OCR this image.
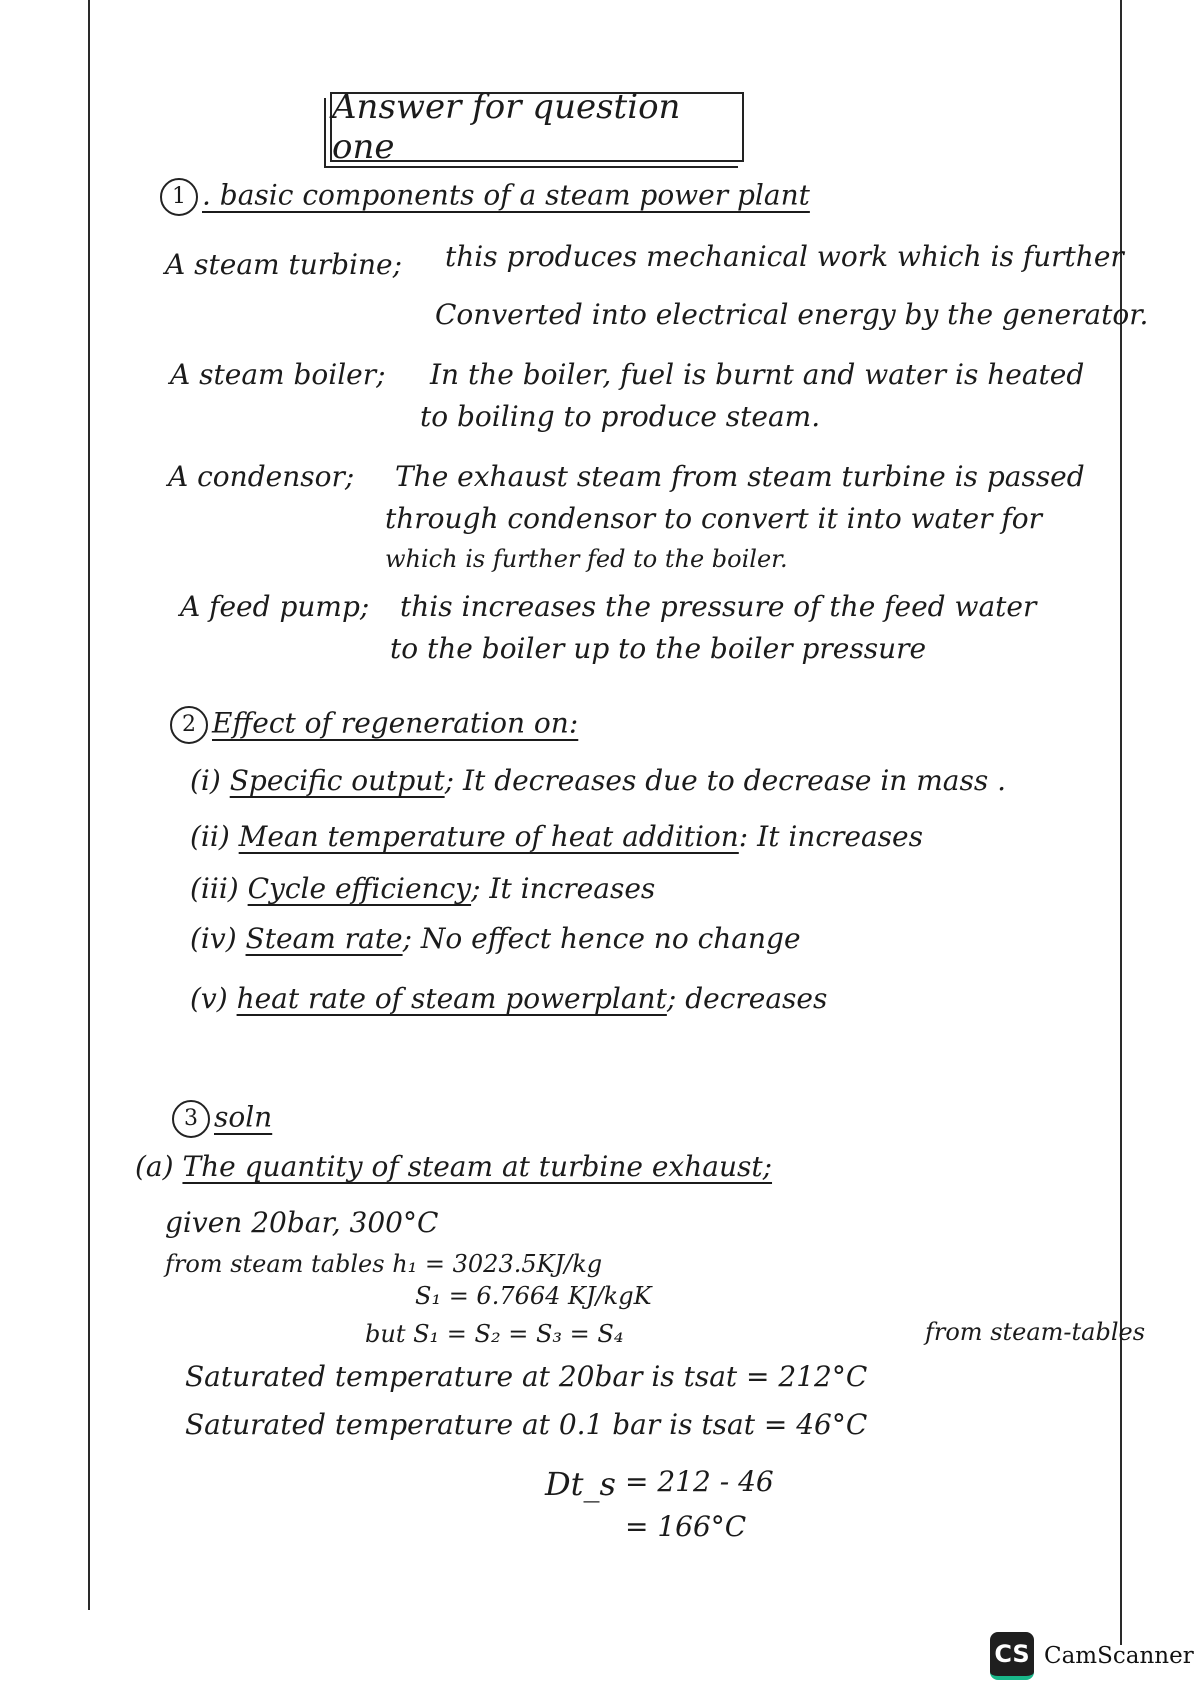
Answer for question one
1 . basic components of a steam power plant
A steam turbine; this produces mechanical work which is further
Converted into electrical energy by the generator.
A steam boiler; In the boiler, fuel is burnt and water is heated
to boiling to produce steam.
A condensor; The exhaust steam from steam turbine is passed
through condensor to convert it into water for
which is further fed to the boiler.
A feed pump; this increases the pressure of the feed water
to the boiler up to the boiler pressure
2 Effect of regeneration on:
(i) Specific output; It decreases due to decrease in mass .
(ii) Mean temperature of heat addition: It increases
(iii) Cycle efficiency; It increases
(iv) Steam rate; No effect hence no change
(v) heat rate of steam powerplant; decreases
3 soln
(a) The quantity of steam at turbine exhaust;
given 20bar, 300°C
from steam tables h₁ = 3023.5KJ/kg
S₁ = 6.7664 KJ/kgK
but S₁ = S₂ = S₃ = S₄
Saturated temperature at 20bar is tsat = 212°C
from steam-tables
Saturated temperature at 0.1 bar is tsat = 46°C
Dt_s = 212 - 46
= 166°C
CS CamScanner
